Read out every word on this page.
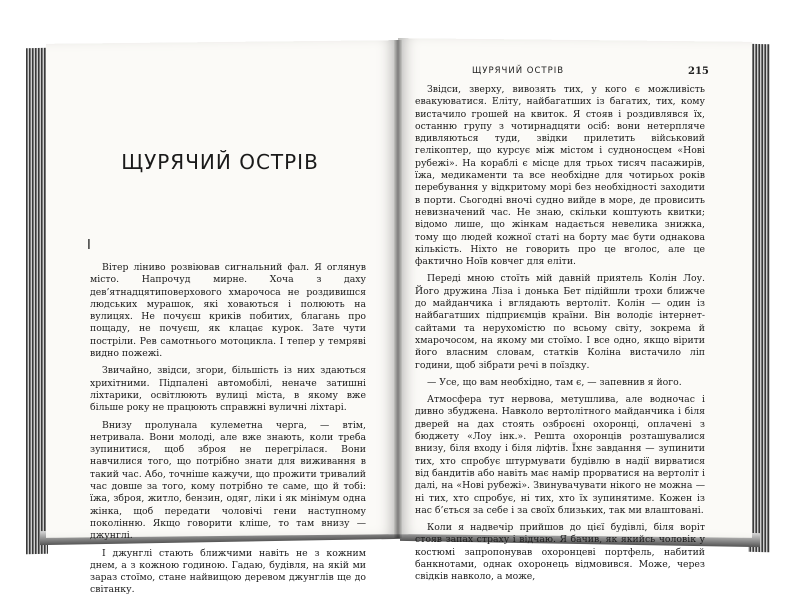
ЩУРЯЧИЙ ОСТРІВ
I

Вітер ліниво розвіював сигнальний фал. Я оглянув місто. Напрочуд мирне. Хоча з даху дев’ятнадцятиповерхового хмарочоса не роздивишся людських мурашок, які ховаються і полюють на вулицях. Не почуєш криків побитих, благань про пощаду, не почуєш, як клацає курок. Зате чути постріли. Рев самотнього мотоцикла. І тепер у темряві видно пожежі.

Звичайно, звідси, згори, більшість із них здаються хрихітними. Підпалені автомобілі, неначе затишні ліхтарики, освітлюють вулиці міста, в якому вже більше року не працюють справжні вуличні ліхтарі.

Внизу пролунала кулеметна черга, — втім, нетривала. Вони молоді, але вже знають, коли треба зупинитися, щоб зброя не перегрілася. Вони навчилися того, що потрібно знати для виживання в такий час. Або, точніше кажучи, що прожити тривалий час довше за того, кому потрібно те саме, що й тобі: їжа, зброя, житло, бензин, одяг, ліки і як мінімум одна жінка, щоб передати чоловічі гени наступному поколінню. Якщо говорити кліше, то там внизу — джунглі.

І джунглі стають ближчими навіть не з кожним днем, а з кожною годиною. Гадаю, будівля, на якій ми зараз стоїмо, стане найвищою деревом джунглів ще до світанку.

ЩУРЯЧИЙ ОСТРІВ	215

Звідси, зверху, вивозять тих, у кого є можливість евакуюватися. Еліту, найбагатших із багатих, тих, кому вистачило грошей на квиток. Я стояв і роздивлявся їх, останню групу з чотирнадцяти осіб: вони нетерпляче вдивляються туди, звідки прилетить військовий гелікоптер, що курсує між містом і судноносцем «Нові рубежі». На кораблі є місце для трьох тисяч пасажирів, їжа, медикаменти та все необхідне для чотирьох років перебування у відкритому морі без необхідності заходити в порти. Сьогодні вночі судно вийде в море, де провисить невизначений час. Не знаю, скільки коштують квитки; відомо лише, що жінкам надається невелика знижка, тому що людей кожної статі на борту має бути однакова кількість. Ніхто не говорить про це вголос, але це фактично Ноїв ковчег для еліти.

Переді мною стоїть мій давній приятель Колін Лоу. Його дружина Ліза і донька Бет підійшли трохи ближче до майданчика і вглядають вертоліт. Колін — один із найбагатших підприємців країни. Він володіє інтернет-сайтами та нерухомістю по всьому світу, зокрема й хмарочосом, на якому ми стоїмо. І все одно, якщо вірити його власним словам, статків Коліна вистачило ліп години, щоб зібрати речі в поїздку.

— Усе, що вам необхідно, там є, — запевнив я його.

Атмосфера тут нервова, метушлива, але водночас і дивно збуджена. Навколо вертолітного майданчика і біля дверей на дах стоять озброєні охоронці, оплачені з бюджету «Лоу інк.». Решта охоронців розташувалися внизу, біля входу і біля ліфтів. Їхнє завдання — зупинити тих, хто спробує штурмувати будівлю в надії вирватися від бандитів або навіть має намір прорватися на вертоліт і далі, на «Нові рубежі». Звинувачувати нікого не можна — ні тих, хто спробує, ні тих, хто їх зупинятиме. Кожен із нас б’ється за себе і за своїх близьких, так ми влаштовані.

Коли я надвечір прийшов до цієї будівлі, біля воріт стояв запах страху і відчаю. Я бачив, як якийсь чоловік у костюмі запропонував охоронцеві портфель, набитий банкнотами, однак охоронець відмовився. Може, через свідків навколо, а може,
